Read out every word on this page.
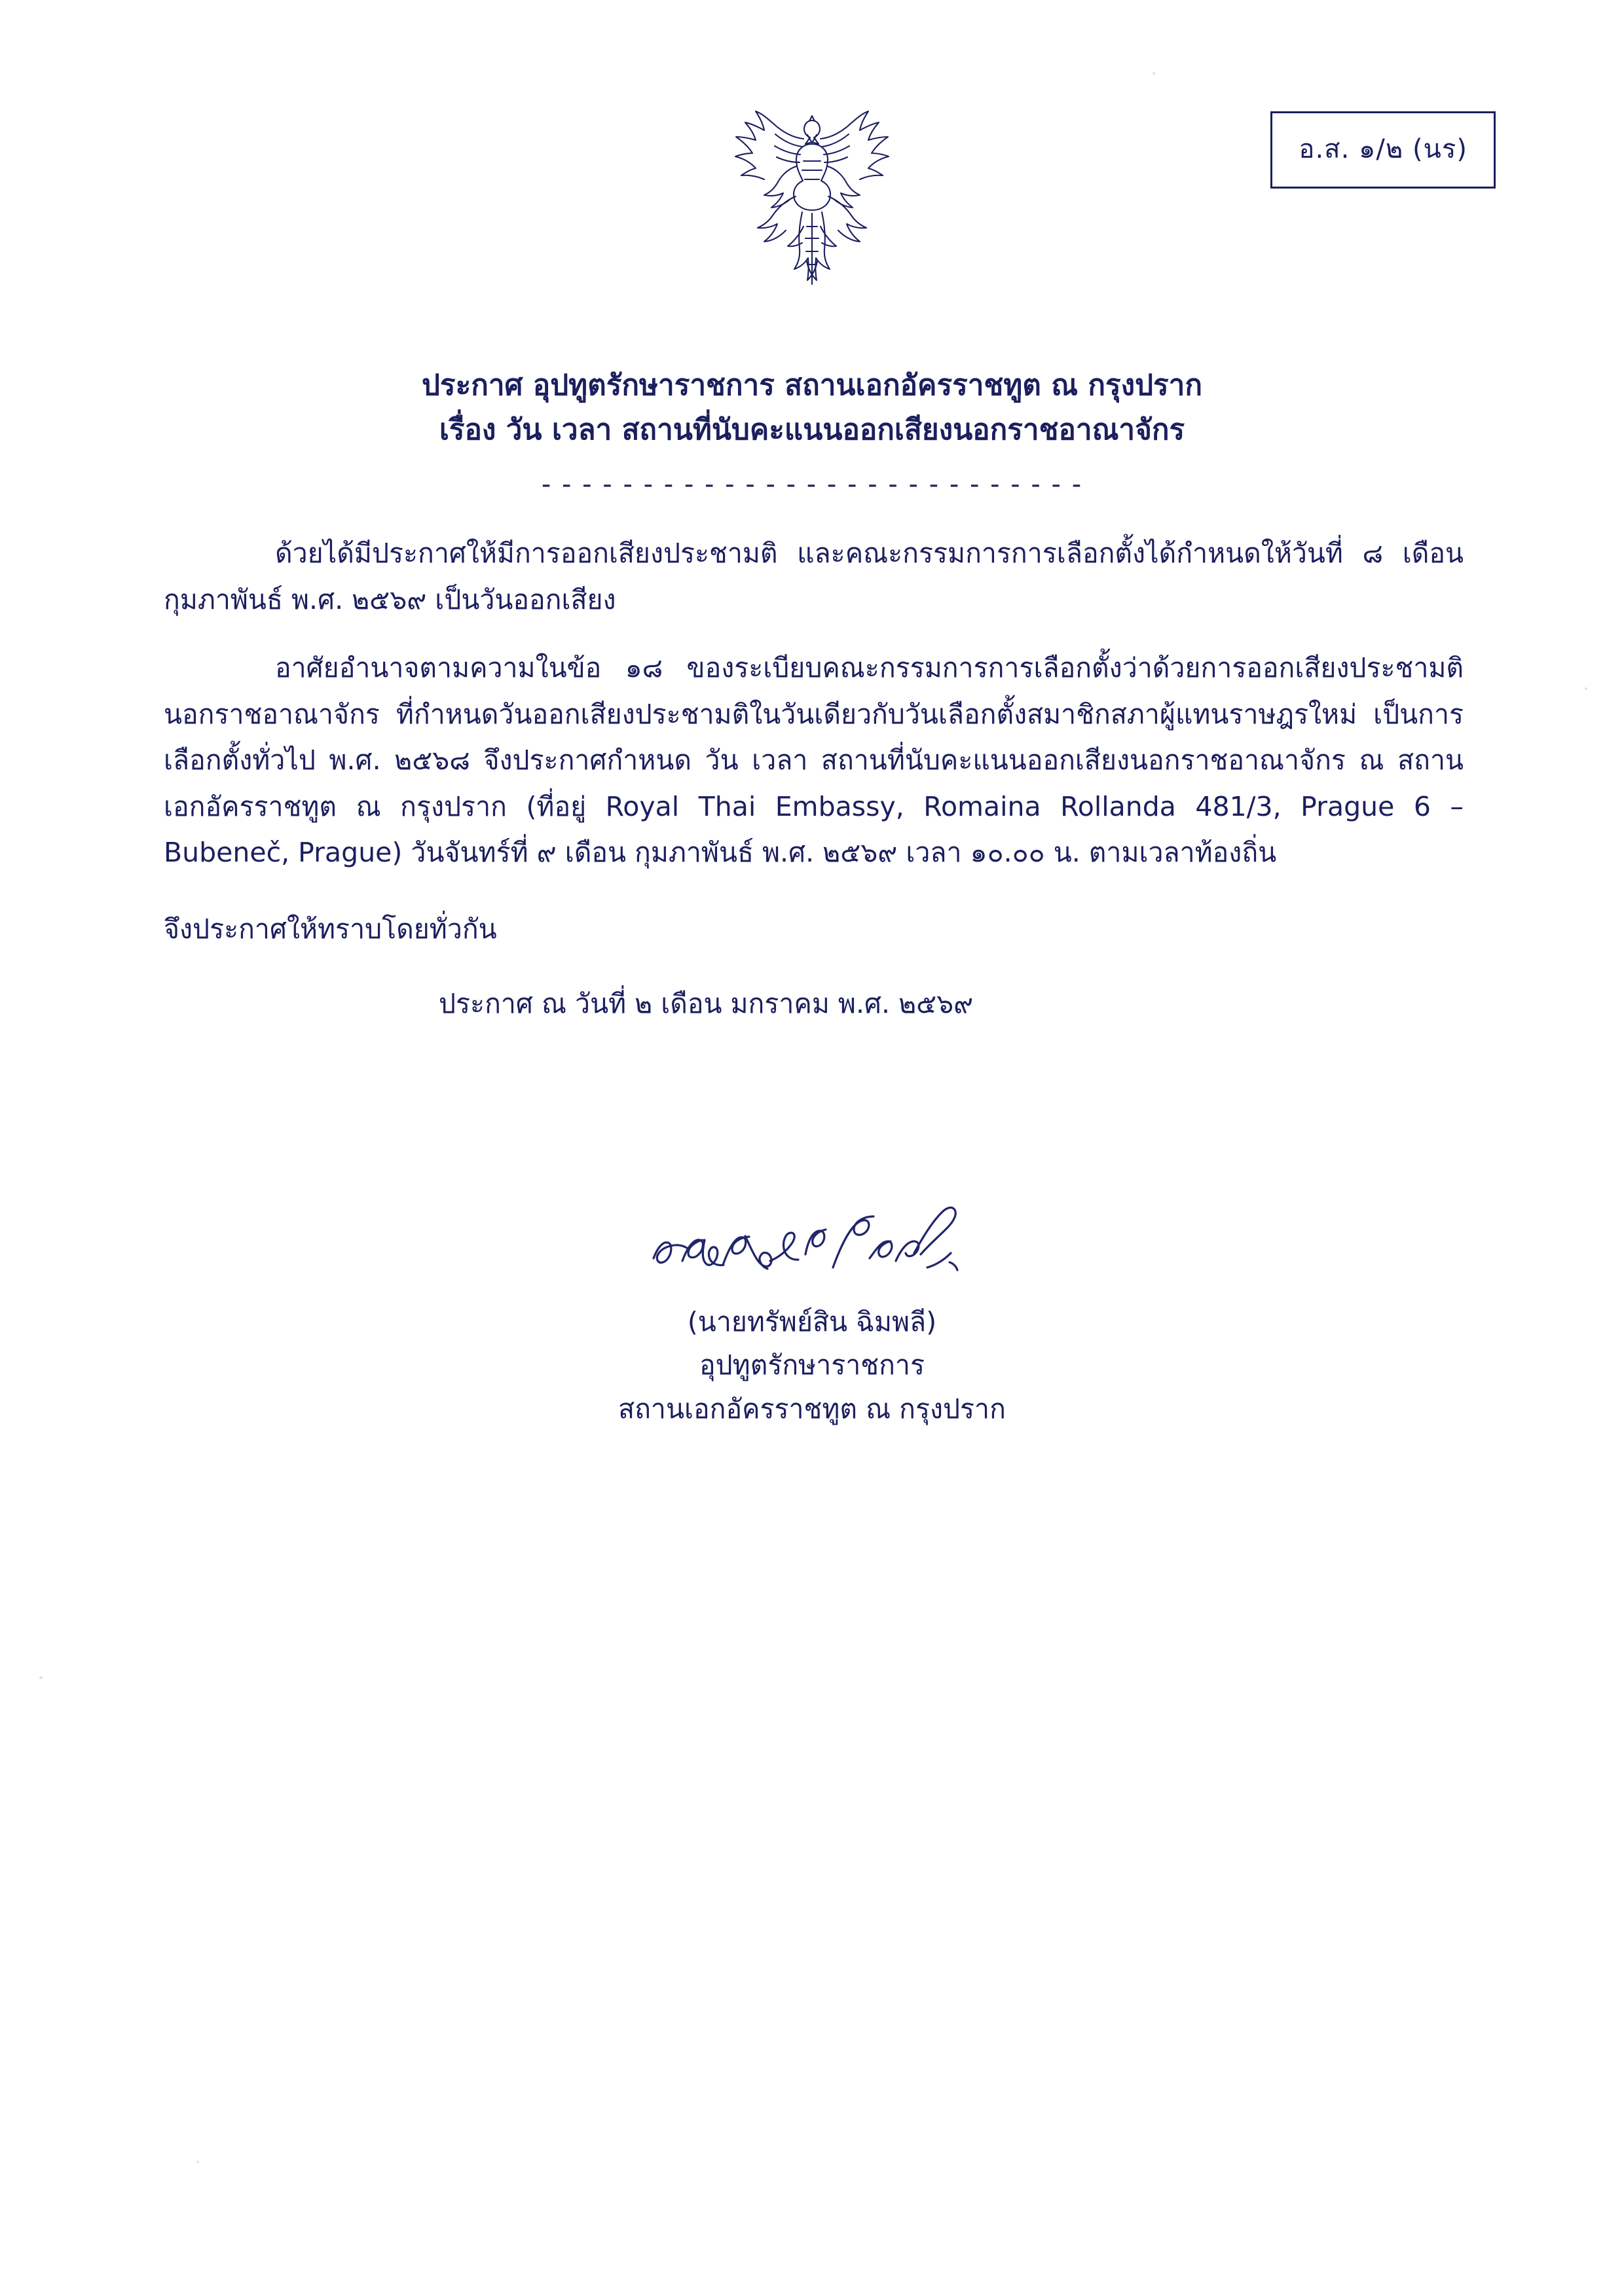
อ.ส. ๑/๒ (นร)
ประกาศ อุปทูตรักษาราชการ สถานเอกอัครราชทูต ณ กรุงปราก
เรื่อง วัน เวลา สถานที่นับคะแนนออกเสียงนอกราชอาณาจักร
- - - - - - - - - - - - - - - - - - - - - - - - - - -

ด้วยได้มีประกาศให้มีการออกเสียงประชามติ และคณะกรรมการการเลือกตั้งได้กำหนดให้วันที่ ๘ เดือน กุมภาพันธ์ พ.ศ. ๒๕๖๙ เป็นวันออกเสียง

อาศัยอำนาจตามความในข้อ ๑๘ ของระเบียบคณะกรรมการการเลือกตั้งว่าด้วยการออกเสียงประชามตินอกราชอาณาจักร ที่กำหนดวันออกเสียงประชามติในวันเดียวกับวันเลือกตั้งสมาชิกสภาผู้แทนราษฎรใหม่ เป็นการเลือกตั้งทั่วไป พ.ศ. ๒๕๖๘ จึงประกาศกำหนด วัน เวลา สถานที่นับคะแนนออกเสียงนอกราชอาณาจักร ณ สถานเอกอัครราชทูต ณ กรุงปราก (ที่อยู่ Royal Thai Embassy, Romaina Rollanda 481/3, Prague 6 – Bubeneč, Prague) วันจันทร์ที่ ๙ เดือน กุมภาพันธ์ พ.ศ. ๒๕๖๙ เวลา ๑๐.๐๐ น. ตามเวลาท้องถิ่น

จึงประกาศให้ทราบโดยทั่วกัน

ประกาศ ณ วันที่ ๒ เดือน มกราคม พ.ศ. ๒๕๖๙

(นายทรัพย์สิน ฉิมพลี)
อุปทูตรักษาราชการ
สถานเอกอัครราชทูต ณ กรุงปราก
